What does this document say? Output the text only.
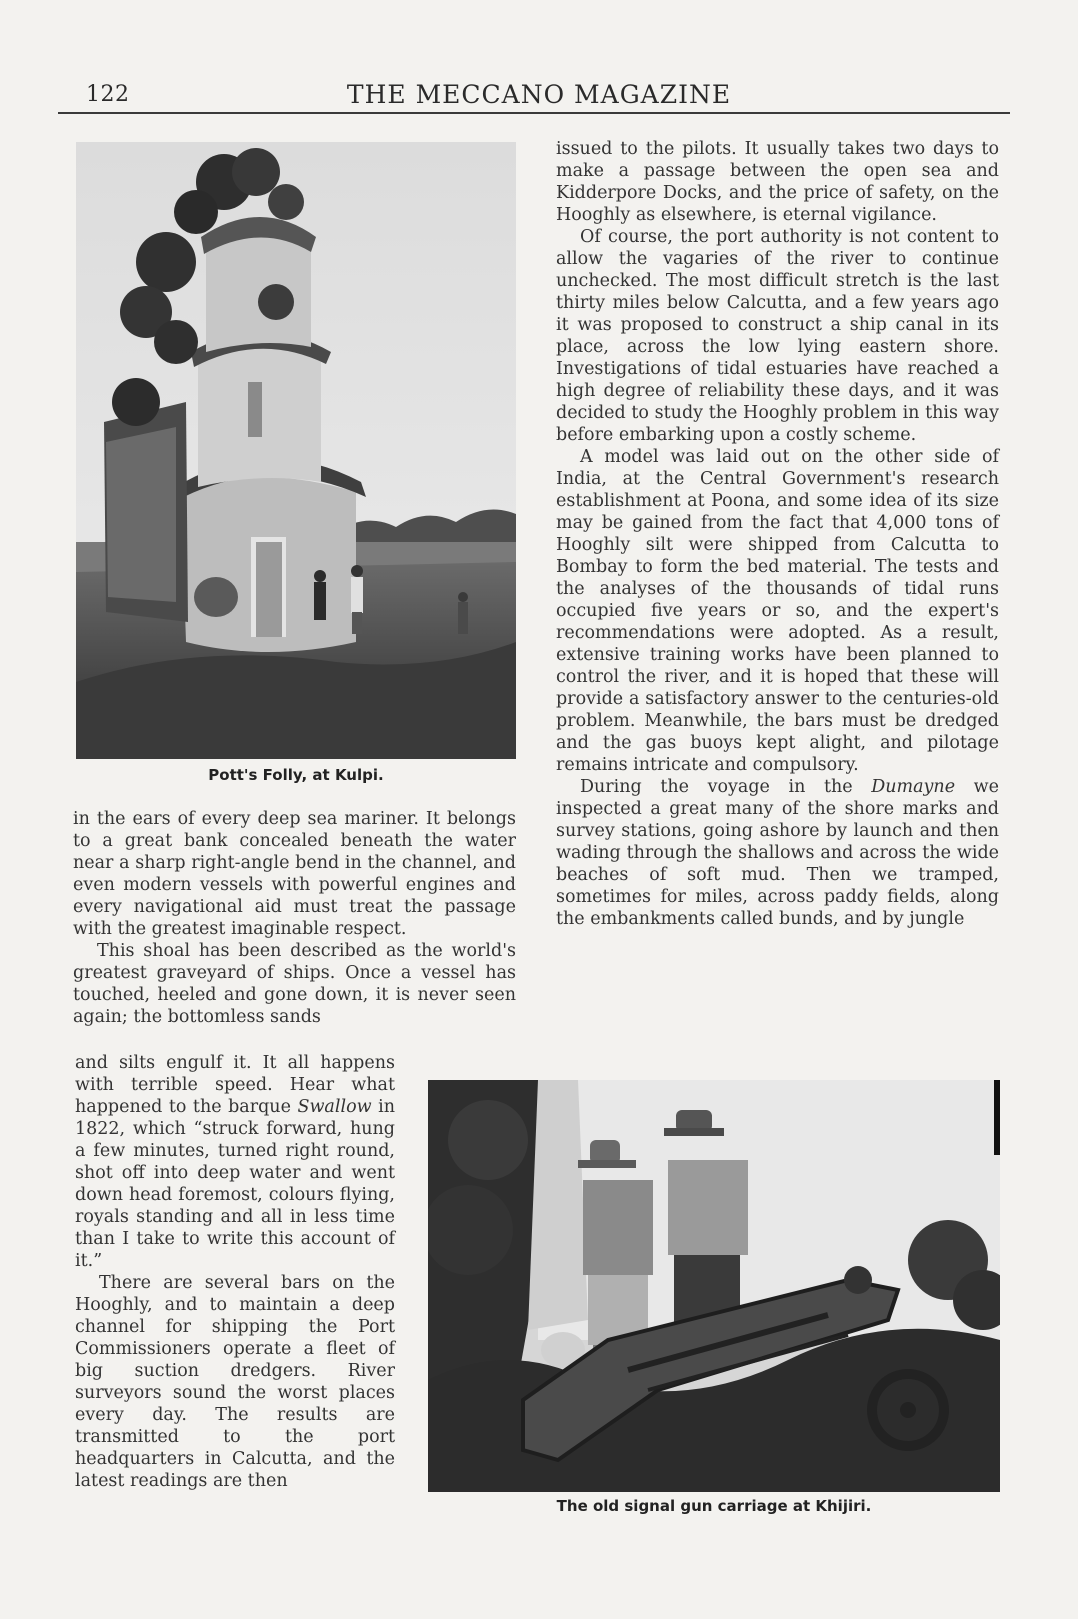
122	THE MECCANO MAGAZINE
Pott's Folly, at Kulpi.
The old signal gun carriage at Khijiri.

issued to the pilots. It usually takes two days to make a passage between the open sea and Kidderpore Docks, and the price of safety, on the Hooghly as elsewhere, is eternal vigilance.

Of course, the port authority is not content to allow the vagaries of the river to continue unchecked. The most difficult stretch is the last thirty miles below Calcutta, and a few years ago it was proposed to construct a ship canal in its place, across the low lying eastern shore. Investigations of tidal estuaries have reached a high degree of reliability these days, and it was decided to study the Hooghly problem in this way before embarking upon a costly scheme.

A model was laid out on the other side of India, at the Central Government's research establishment at Poona, and some idea of its size may be gained from the fact that 4,000 tons of Hooghly silt were shipped from Calcutta to Bombay to form the bed material. The tests and the analyses of the thousands of tidal runs occupied five years or so, and the expert's recommendations were adopted. As a result, extensive training works have been planned to control the river, and it is hoped that these will provide a satisfactory answer to the centuries-old problem. Meanwhile, the bars must be dredged and the gas buoys kept alight, and pilotage remains intricate and compulsory.

During the voyage in the Dumayne we inspected a great many of the shore marks and survey stations, going ashore by launch and then wading through the shallows and across the wide beaches of soft mud. Then we tramped, sometimes for miles, across paddy fields, along the embankments called bunds, and by jungle

in the ears of every deep sea mariner. It belongs to a great bank concealed beneath the water near a sharp right-angle bend in the channel, and even modern vessels with powerful engines and every navigational aid must treat the passage with the greatest imaginable respect.

This shoal has been described as the world's greatest graveyard of ships. Once a vessel has touched, heeled and gone down, it is never seen again; the bottomless sands

and silts engulf it. It all happens with terrible speed. Hear what happened to the barque Swallow in 1822, which “struck forward, hung a few minutes, turned right round, shot off into deep water and went down head foremost, colours flying, royals standing and all in less time than I take to write this account of it.”

There are several bars on the Hooghly, and to maintain a deep channel for shipping the Port Commissioners operate a fleet of big suction dredgers. River surveyors sound the worst places every day. The results are transmitted to the port headquarters in Calcutta, and the latest readings are then
